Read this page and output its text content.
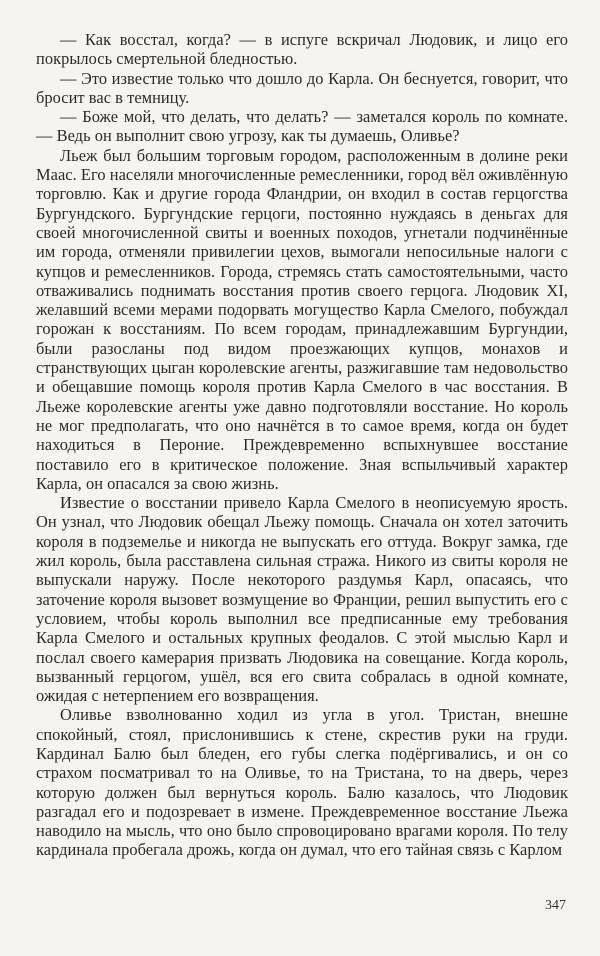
— Как восстал, когда? — в испуге вскричал Людовик, и лицо его покрылось смертельной бледностью.

— Это известие только что дошло до Карла. Он беснуется, говорит, что бросит вас в темницу.

— Боже мой, что делать, что делать? — заметался король по комнате. — Ведь он выполнит свою угрозу, как ты думаешь, Оливье?

Льеж был большим торговым городом, расположенным в долине реки Маас. Его населяли многочисленные ремесленники, город вёл оживлённую торговлю. Как и другие города Фландрии, он входил в состав герцогства Бургундского. Бургундские герцоги, постоянно нуждаясь в деньгах для своей многочисленной свиты и военных походов, угнетали подчинённые им города, отменяли привилегии цехов, вымогали непосильные налоги с купцов и ремесленников. Города, стремясь стать самостоятельными, часто отваживались поднимать восстания против своего герцога. Людовик XI, желавший всеми мерами подорвать могущество Карла Смелого, побуждал горожан к восстаниям. По всем городам, принадлежавшим Бургундии, были разосланы под видом проезжающих купцов, монахов и странствующих цыган королевские агенты, разжигавшие там недовольство и обещавшие помощь короля против Карла Смелого в час восстания. В Льеже королевские агенты уже давно подготовляли восстание. Но король не мог предполагать, что оно начнётся в то самое время, когда он будет находиться в Пероние. Преждевременно вспыхнувшее восстание поставило его в критическое положение. Зная вспыльчивый характер Карла, он опасался за свою жизнь.

Известие о восстании привело Карла Смелого в неописуемую ярость. Он узнал, что Людовик обещал Льежу помощь. Сначала он хотел заточить короля в подземелье и никогда не выпускать его оттуда. Вокруг замка, где жил король, была расставлена сильная стража. Никого из свиты короля не выпускали наружу. После некоторого раздумья Карл, опасаясь, что заточение короля вызовет возмущение во Франции, решил выпустить его с условием, чтобы король выполнил все предписанные ему требования Карла Смелого и остальных крупных феодалов. С этой мыслью Карл и послал своего камерария призвать Людовика на совещание. Когда король, вызванный герцогом, ушёл, вся его свита собралась в одной комнате, ожидая с нетерпением его возвращения.

Оливье взволнованно ходил из угла в угол. Тристан, внешне спокойный, стоял, прислонившись к стене, скрестив руки на груди. Кардинал Балю был бледен, его губы слегка подёргивались, и он со страхом посматривал то на Оливье, то на Тристана, то на дверь, через которую должен был вернуться король. Балю казалось, что Людовик разгадал его и подозревает в измене. Преждевременное восстание Льежа наводило на мысль, что оно было спровоцировано врагами короля. По телу кардинала пробегала дрожь, когда он думал, что его тайная связь с Карлом

347
